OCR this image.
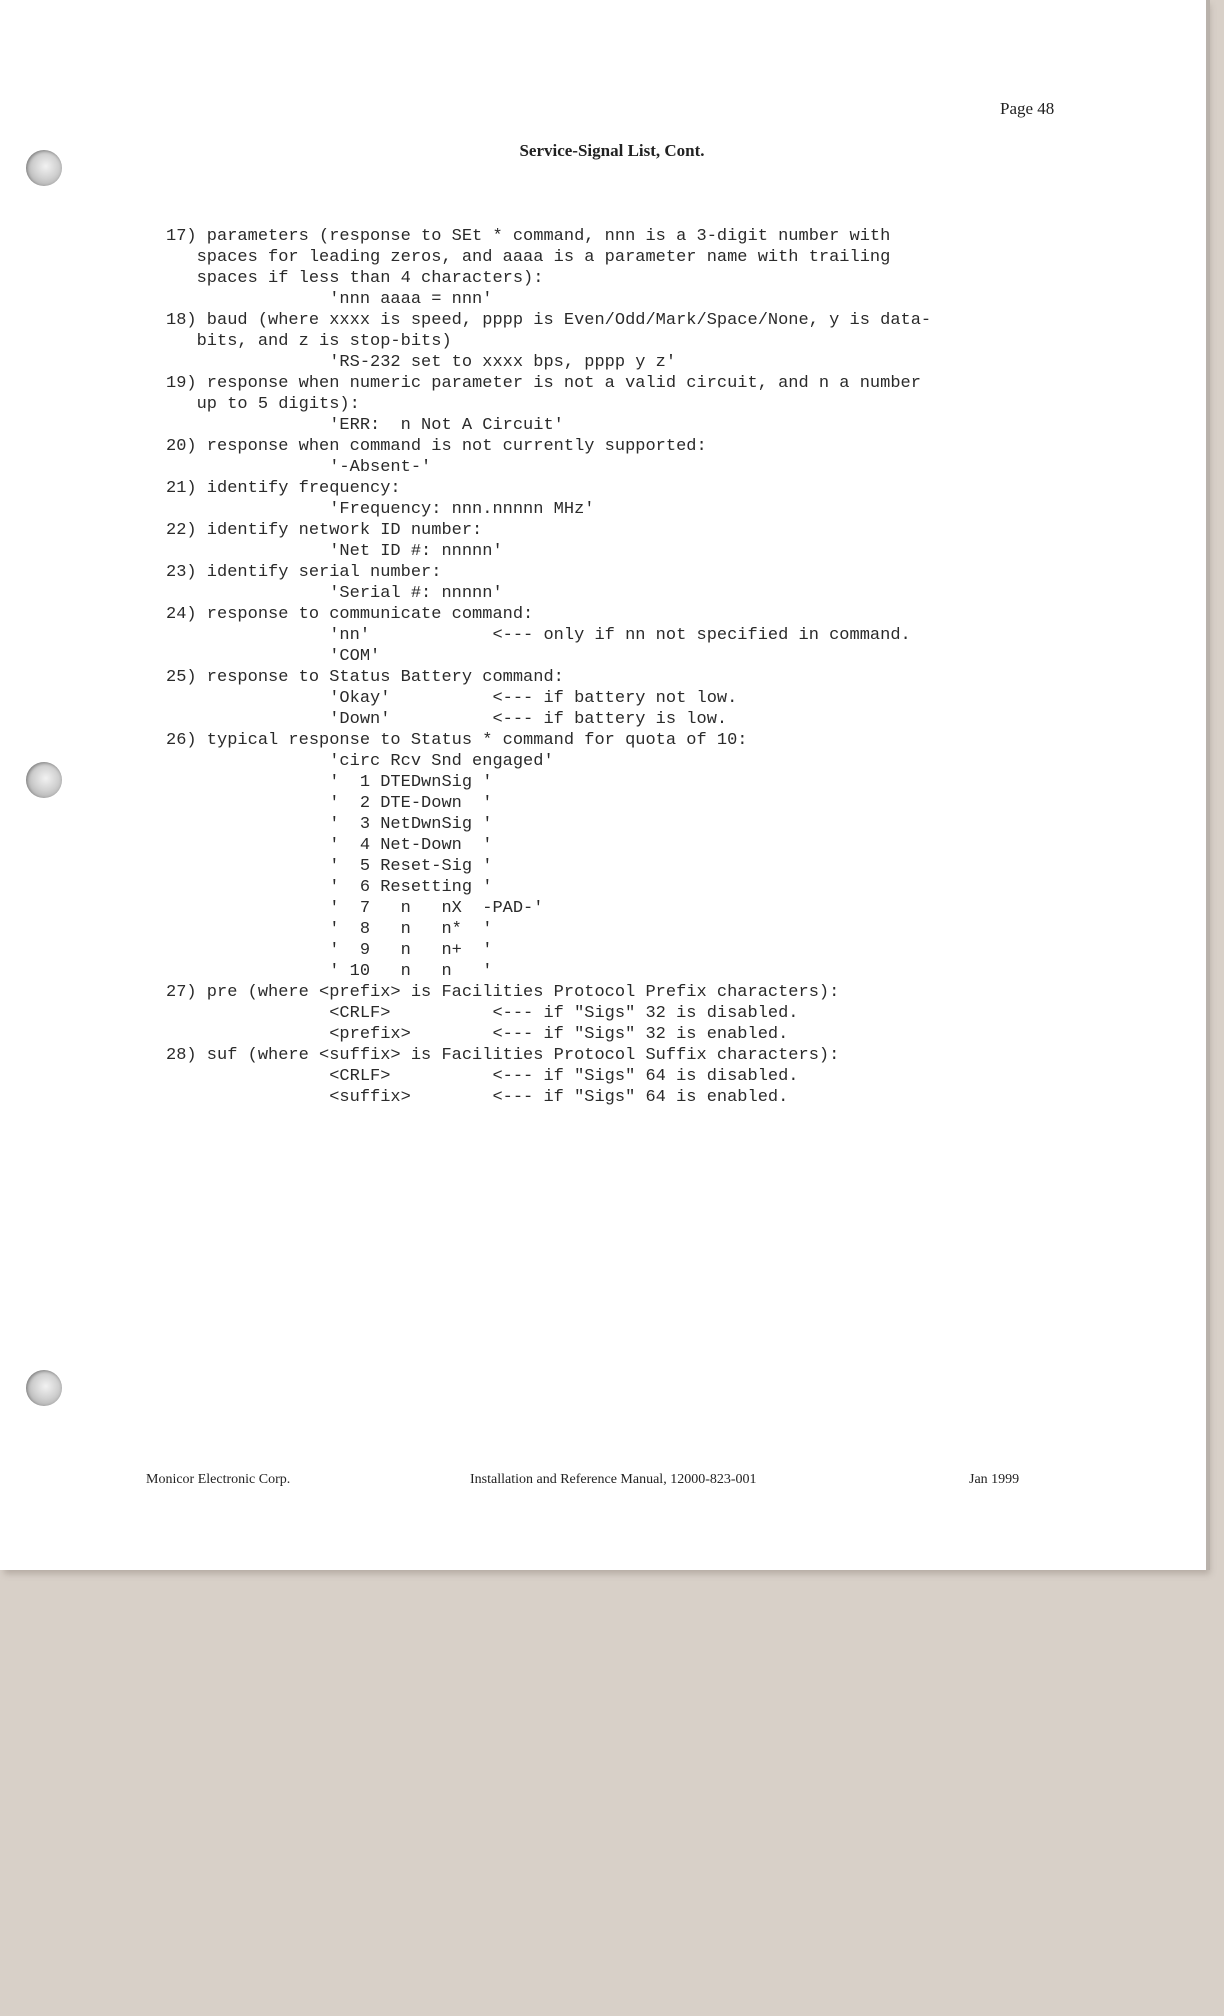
Page 48
Service-Signal List, Cont.
17) parameters (response to SEt * command, nnn is a 3-digit number with
spaces for leading zeros, and aaaa is a parameter name with trailing
spaces if less than 4 characters):
'nnn aaaa = nnn'
18) baud (where xxxx is speed, pppp is Even/Odd/Mark/Space/None, y is data-
bits, and z is stop-bits)
'RS-232 set to xxxx bps, pppp y z'
19) response when numeric parameter is not a valid circuit, and n a number
up to 5 digits):
'ERR:  n Not A Circuit'
20) response when command is not currently supported:
'-Absent-'
21) identify frequency:
'Frequency: nnn.nnnnn MHz'
22) identify network ID number:
'Net ID #: nnnnn'
23) identify serial number:
'Serial #: nnnnn'
24) response to communicate command:
'nn'            <--- only if nn not specified in command.
'COM'
25) response to Status Battery command:
'Okay'          <--- if battery not low.
'Down'          <--- if battery is low.
26) typical response to Status * command for quota of 10:
'circ Rcv Snd engaged'
'  1 DTEDwnSig '
'  2 DTE-Down  '
'  3 NetDwnSig '
'  4 Net-Down  '
'  5 Reset-Sig '
'  6 Resetting '
'  7   n   nX  -PAD-'
'  8   n   n*  '
'  9   n   n+  '
' 10   n   n   '
27) pre (where <prefix> is Facilities Protocol Prefix characters):
<CRLF>          <--- if "Sigs" 32 is disabled.
<prefix>        <--- if "Sigs" 32 is enabled.
28) suf (where <suffix> is Facilities Protocol Suffix characters):
<CRLF>          <--- if "Sigs" 64 is disabled.
<suffix>        <--- if "Sigs" 64 is enabled.
Monicor Electronic Corp.	Installation and Reference Manual, 12000-823-001	Jan 1999
